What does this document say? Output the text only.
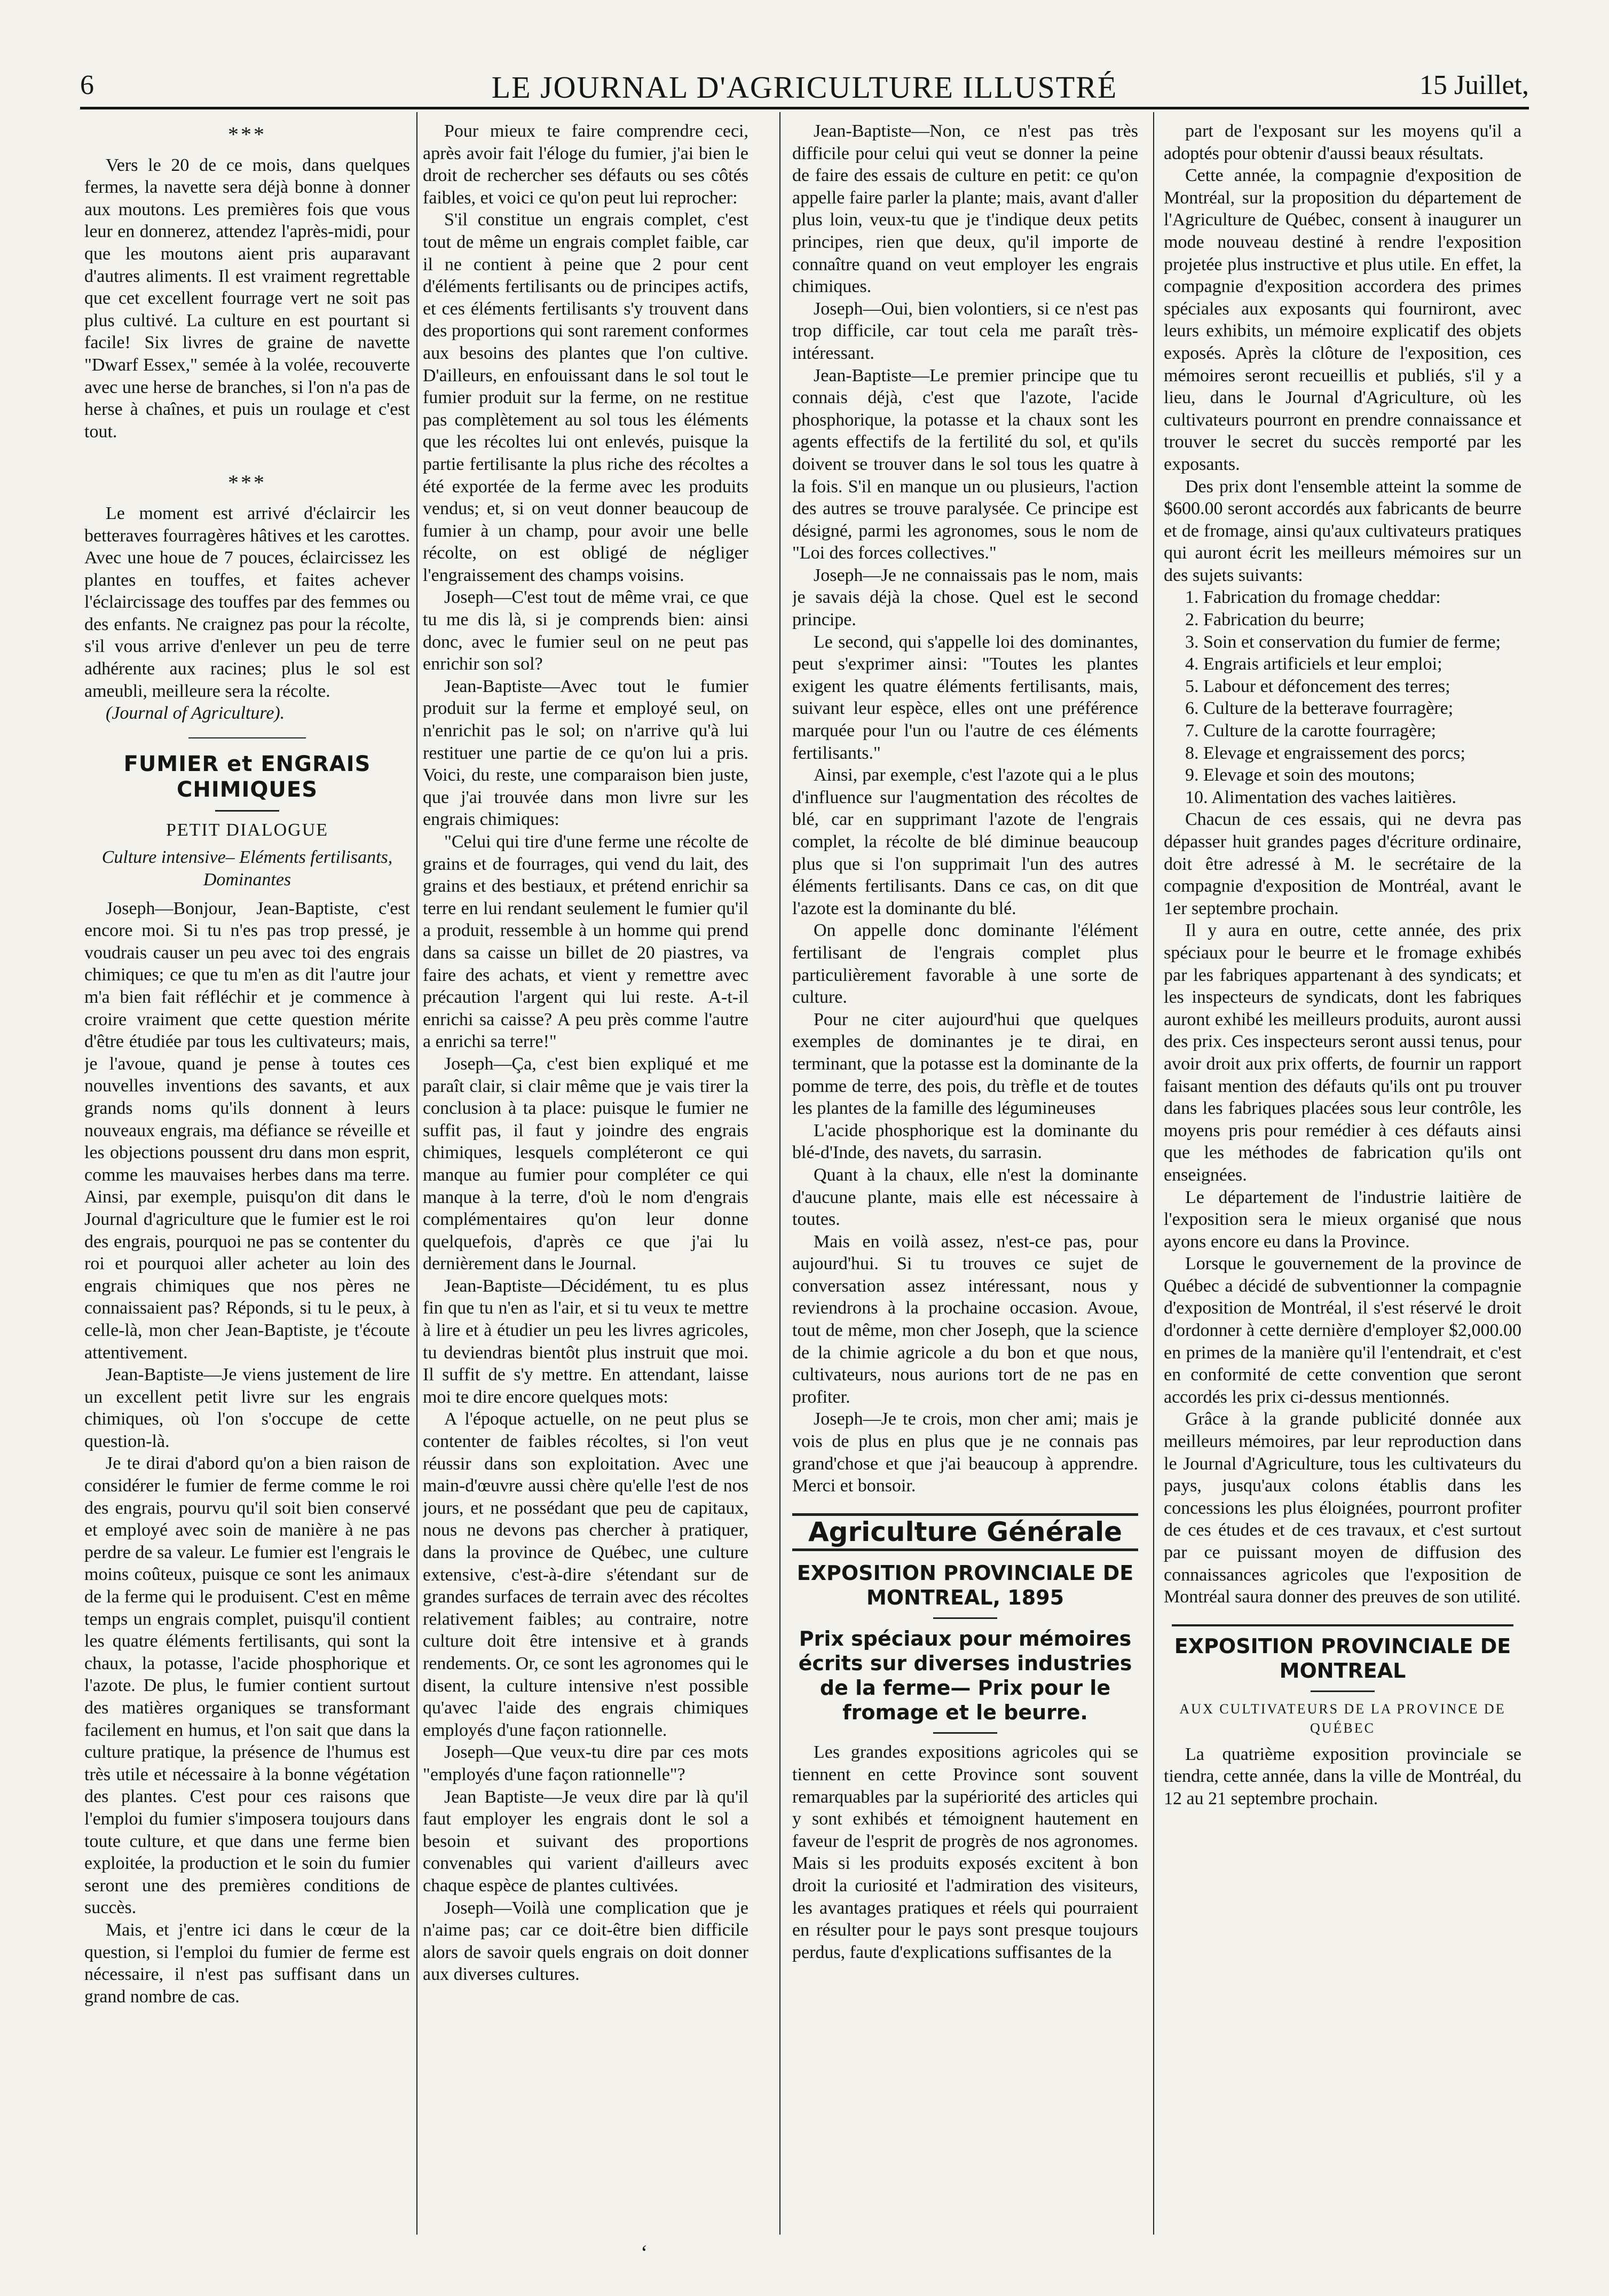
6	LE JOURNAL D'AGRICULTURE ILLUSTRÉ	15 Juillet,
***

Vers le 20 de ce mois, dans quelques fermes, la navette sera déjà bonne à donner aux moutons. Les premières fois que vous leur en donnerez, attendez l'après-midi, pour que les moutons aient pris auparavant d'autres aliments. Il est vraiment regrettable que cet excellent fourrage vert ne soit pas plus cultivé. La culture en est pourtant si facile! Six livres de graine de navette "Dwarf Essex," semée à la volée, recouverte avec une herse de branches, si l'on n'a pas de herse à chaînes, et puis un roulage et c'est tout.

***

Le moment est arrivé d'éclaircir les betteraves fourragères hâtives et les carottes. Avec une houe de 7 pouces, éclaircissez les plantes en touffes, et faites achever l'éclaircissage des touffes par des femmes ou des enfants. Ne craignez pas pour la récolte, s'il vous arrive d'enlever un peu de terre adhérente aux racines; plus le sol est ameubli, meilleure sera la récolte.

(Journal of Agriculture).

FUMIER et ENGRAIS CHIMIQUES
PETIT DIALOGUE
Culture intensive– Eléments fertilisants, Dominantes

Joseph—Bonjour, Jean-Baptiste, c'est encore moi. Si tu n'es pas trop pressé, je voudrais causer un peu avec toi des engrais chimiques; ce que tu m'en as dit l'autre jour m'a bien fait réfléchir et je commence à croire vraiment que cette question mérite d'être étudiée par tous les cultivateurs; mais, je l'avoue, quand je pense à toutes ces nouvelles inventions des savants, et aux grands noms qu'ils donnent à leurs nouveaux engrais, ma défiance se réveille et les objections poussent dru dans mon esprit, comme les mauvaises herbes dans ma terre. Ainsi, par exemple, puisqu'on dit dans le Journal d'agriculture que le fumier est le roi des engrais, pourquoi ne pas se contenter du roi et pourquoi aller acheter au loin des engrais chimiques que nos pères ne connaissaient pas? Réponds, si tu le peux, à celle-là, mon cher Jean-Baptiste, je t'écoute attentivement.

Jean-Baptiste—Je viens justement de lire un excellent petit livre sur les engrais chimiques, où l'on s'occupe de cette question-là.

Je te dirai d'abord qu'on a bien raison de considérer le fumier de ferme comme le roi des engrais, pourvu qu'il soit bien conservé et employé avec soin de manière à ne pas perdre de sa valeur. Le fumier est l'engrais le moins coûteux, puisque ce sont les animaux de la ferme qui le produisent. C'est en même temps un engrais complet, puisqu'il contient les quatre éléments fertilisants, qui sont la chaux, la potasse, l'acide phosphorique et l'azote. De plus, le fumier contient surtout des matières organiques se transformant facilement en humus, et l'on sait que dans la culture pratique, la présence de l'humus est très utile et nécessaire à la bonne végétation des plantes. C'est pour ces raisons que l'emploi du fumier s'imposera toujours dans toute culture, et que dans une ferme bien exploitée, la production et le soin du fumier seront une des premières conditions de succès.

Mais, et j'entre ici dans le cœur de la question, si l'emploi du fumier de ferme est nécessaire, il n'est pas suffisant dans un grand nombre de cas.

Pour mieux te faire comprendre ceci, après avoir fait l'éloge du fumier, j'ai bien le droit de rechercher ses défauts ou ses côtés faibles, et voici ce qu'on peut lui reprocher:

S'il constitue un engrais complet, c'est tout de même un engrais complet faible, car il ne contient à peine que 2 pour cent d'éléments fertilisants ou de principes actifs, et ces éléments fertilisants s'y trouvent dans des proportions qui sont rarement conformes aux besoins des plantes que l'on cultive. D'ailleurs, en enfouissant dans le sol tout le fumier produit sur la ferme, on ne restitue pas complètement au sol tous les éléments que les récoltes lui ont enlevés, puisque la partie fertilisante la plus riche des récoltes a été exportée de la ferme avec les produits vendus; et, si on veut donner beaucoup de fumier à un champ, pour avoir une belle récolte, on est obligé de négliger l'engraissement des champs voisins.

Joseph—C'est tout de même vrai, ce que tu me dis là, si je comprends bien: ainsi donc, avec le fumier seul on ne peut pas enrichir son sol?

Jean-Baptiste—Avec tout le fumier produit sur la ferme et employé seul, on n'enrichit pas le sol; on n'arrive qu'à lui restituer une partie de ce qu'on lui a pris. Voici, du reste, une comparaison bien juste, que j'ai trouvée dans mon livre sur les engrais chimiques:

"Celui qui tire d'une ferme une récolte de grains et de fourrages, qui vend du lait, des grains et des bestiaux, et prétend enrichir sa terre en lui rendant seulement le fumier qu'il a produit, ressemble à un homme qui prend dans sa caisse un billet de 20 piastres, va faire des achats, et vient y remettre avec précaution l'argent qui lui reste. A-t-il enrichi sa caisse? A peu près comme l'autre a enrichi sa terre!"

Joseph—Ça, c'est bien expliqué et me paraît clair, si clair même que je vais tirer la conclusion à ta place: puisque le fumier ne suffit pas, il faut y joindre des engrais chimiques, lesquels compléteront ce qui manque au fumier pour compléter ce qui manque à la terre, d'où le nom d'engrais complémentaires qu'on leur donne quelquefois, d'après ce que j'ai lu dernièrement dans le Journal.

Jean-Baptiste—Décidément, tu es plus fin que tu n'en as l'air, et si tu veux te mettre à lire et à étudier un peu les livres agricoles, tu deviendras bientôt plus instruit que moi. Il suffit de s'y mettre. En attendant, laisse moi te dire encore quelques mots:

A l'époque actuelle, on ne peut plus se contenter de faibles récoltes, si l'on veut réussir dans son exploitation. Avec une main-d'œuvre aussi chère qu'elle l'est de nos jours, et ne possédant que peu de capitaux, nous ne devons pas chercher à pratiquer, dans la province de Québec, une culture extensive, c'est-à-dire s'étendant sur de grandes surfaces de terrain avec des récoltes relativement faibles; au contraire, notre culture doit être intensive et à grands rendements. Or, ce sont les agronomes qui le disent, la culture intensive n'est possible qu'avec l'aide des engrais chimiques employés d'une façon rationnelle.

Joseph—Que veux-tu dire par ces mots "employés d'une façon rationnelle"?

Jean Baptiste—Je veux dire par là qu'il faut employer les engrais dont le sol a besoin et suivant des proportions convenables qui varient d'ailleurs avec chaque espèce de plantes cultivées.

Joseph—Voilà une complication que je n'aime pas; car ce doit-être bien difficile alors de savoir quels engrais on doit donner aux diverses cultures.

Jean-Baptiste—Non, ce n'est pas très difficile pour celui qui veut se donner la peine de faire des essais de culture en petit: ce qu'on appelle faire parler la plante; mais, avant d'aller plus loin, veux-tu que je t'indique deux petits principes, rien que deux, qu'il importe de connaître quand on veut employer les engrais chimiques.

Joseph—Oui, bien volontiers, si ce n'est pas trop difficile, car tout cela me paraît très-intéressant.

Jean-Baptiste—Le premier principe que tu connais déjà, c'est que l'azote, l'acide phosphorique, la potasse et la chaux sont les agents effectifs de la fertilité du sol, et qu'ils doivent se trouver dans le sol tous les quatre à la fois. S'il en manque un ou plusieurs, l'action des autres se trouve paralysée. Ce principe est désigné, parmi les agronomes, sous le nom de "Loi des forces collectives."

Joseph—Je ne connaissais pas le nom, mais je savais déjà la chose. Quel est le second principe.

Le second, qui s'appelle loi des dominantes, peut s'exprimer ainsi: "Toutes les plantes exigent les quatre éléments fertilisants, mais, suivant leur espèce, elles ont une préférence marquée pour l'un ou l'autre de ces éléments fertilisants."

Ainsi, par exemple, c'est l'azote qui a le plus d'influence sur l'augmentation des récoltes de blé, car en supprimant l'azote de l'engrais complet, la récolte de blé diminue beaucoup plus que si l'on supprimait l'un des autres éléments fertilisants. Dans ce cas, on dit que l'azote est la dominante du blé.

On appelle donc dominante l'élément fertilisant de l'engrais complet plus particulièrement favorable à une sorte de culture.

Pour ne citer aujourd'hui que quelques exemples de dominantes je te dirai, en terminant, que la potasse est la dominante de la pomme de terre, des pois, du trèfle et de toutes les plantes de la famille des légumineuses

L'acide phosphorique est la dominante du blé-d'Inde, des navets, du sarrasin.

Quant à la chaux, elle n'est la dominante d'aucune plante, mais elle est nécessaire à toutes.

Mais en voilà assez, n'est-ce pas, pour aujourd'hui. Si tu trouves ce sujet de conversation assez intéressant, nous y reviendrons à la prochaine occasion. Avoue, tout de même, mon cher Joseph, que la science de la chimie agricole a du bon et que nous, cultivateurs, nous aurions tort de ne pas en profiter.

Joseph—Je te crois, mon cher ami; mais je vois de plus en plus que je ne connais pas grand'chose et que j'ai beaucoup à apprendre. Merci et bonsoir.

Agriculture Générale
EXPOSITION PROVINCIALE DE MONTREAL, 1895
Prix spéciaux pour mémoires écrits sur diverses industries de la ferme— Prix pour le fromage et le beurre.

Les grandes expositions agricoles qui se tiennent en cette Province sont souvent remarquables par la supériorité des articles qui y sont exhibés et témoignent hautement en faveur de l'esprit de progrès de nos agronomes. Mais si les produits exposés excitent à bon droit la curiosité et l'admiration des visiteurs, les avantages pratiques et réels qui pourraient en résulter pour le pays sont presque toujours perdus, faute d'explications suffisantes de la

part de l'exposant sur les moyens qu'il a adoptés pour obtenir d'aussi beaux résultats.

Cette année, la compagnie d'exposition de Montréal, sur la proposition du département de l'Agriculture de Québec, consent à inaugurer un mode nouveau destiné à rendre l'exposition projetée plus instructive et plus utile. En effet, la compagnie d'exposition accordera des primes spéciales aux exposants qui fourniront, avec leurs exhibits, un mémoire explicatif des objets exposés. Après la clôture de l'exposition, ces mémoires seront recueillis et publiés, s'il y a lieu, dans le Journal d'Agriculture, où les cultivateurs pourront en prendre connaissance et trouver le secret du succès remporté par les exposants.

Des prix dont l'ensemble atteint la somme de $600.00 seront accordés aux fabricants de beurre et de fromage, ainsi qu'aux cultivateurs pratiques qui auront écrit les meilleurs mémoires sur un des sujets suivants:

1. Fabrication du fromage cheddar:

2. Fabrication du beurre;

3. Soin et conservation du fumier de ferme;

4. Engrais artificiels et leur emploi;

5. Labour et défoncement des terres;

6. Culture de la betterave fourragère;

7. Culture de la carotte fourragère;

8. Elevage et engraissement des porcs;

9. Elevage et soin des moutons;

10. Alimentation des vaches laitières.

Chacun de ces essais, qui ne devra pas dépasser huit grandes pages d'écriture ordinaire, doit être adressé à M. le secrétaire de la compagnie d'exposition de Montréal, avant le 1er septembre prochain.

Il y aura en outre, cette année, des prix spéciaux pour le beurre et le fromage exhibés par les fabriques appartenant à des syndicats; et les inspecteurs de syndicats, dont les fabriques auront exhibé les meilleurs produits, auront aussi des prix. Ces inspecteurs seront aussi tenus, pour avoir droit aux prix offerts, de fournir un rapport faisant mention des défauts qu'ils ont pu trouver dans les fabriques placées sous leur contrôle, les moyens pris pour remédier à ces défauts ainsi que les méthodes de fabrication qu'ils ont enseignées.

Le département de l'industrie laitière de l'exposition sera le mieux organisé que nous ayons encore eu dans la Province.

Lorsque le gouvernement de la province de Québec a décidé de subventionner la compagnie d'exposition de Montréal, il s'est réservé le droit d'ordonner à cette dernière d'employer $2,000.00 en primes de la manière qu'il l'entendrait, et c'est en conformité de cette convention que seront accordés les prix ci-dessus mentionnés.

Grâce à la grande publicité donnée aux meilleurs mémoires, par leur reproduction dans le Journal d'Agriculture, tous les cultivateurs du pays, jusqu'aux colons établis dans les concessions les plus éloignées, pourront profiter de ces études et de ces travaux, et c'est surtout par ce puissant moyen de diffusion des connaissances agricoles que l'exposition de Montréal saura donner des preuves de son utilité.

EXPOSITION PROVINCIALE DE MONTREAL
AUX CULTIVATEURS DE LA PROVINCE DE QUÉBEC

La quatrième exposition provinciale se tiendra, cette année, dans la ville de Montréal, du 12 au 21 septembre prochain.

‘
